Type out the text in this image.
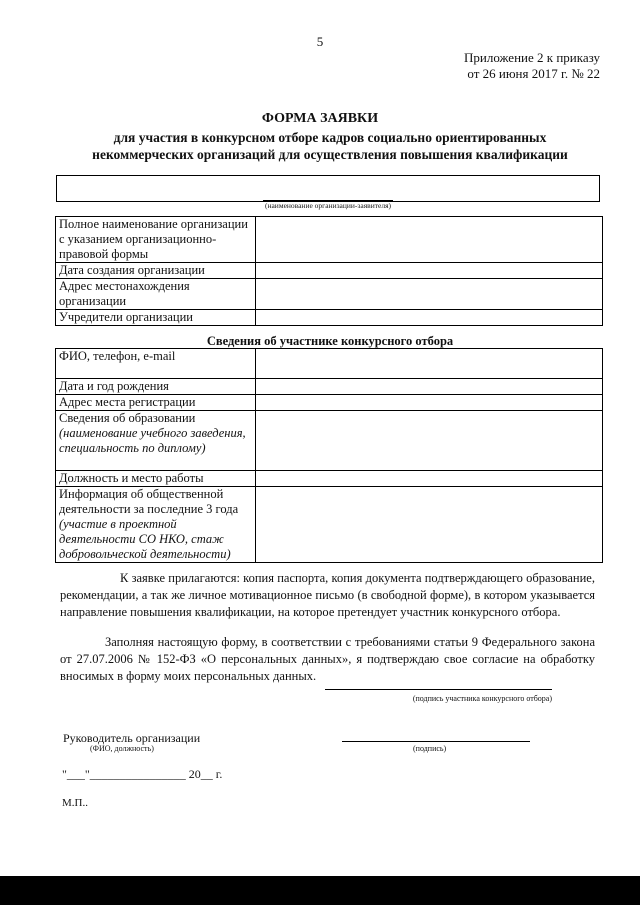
5
Приложение 2 к приказу
от 26 июня 2017 г. № 22
ФОРМА ЗАЯВКИ
для участия в конкурсном отборе кадров социально ориентированных
некоммерческих организаций для осуществления повышения квалификации
(наименование организации-заявителя)
Полное наименование организации с указанием организационно-правовой формы	
Дата создания организации	
Адрес местонахождения организации	
Учредители организации	
Сведения об участнике конкурсного отбора
ФИО, телефон, e-mail	
Дата и год рождения	
Адрес места регистрации	
Сведения об образовании
(наименование учебного заведения, специальность по диплому)	
Должность и место работы	
Информация об общественной деятельности за последние 3 года
(участие в проектной деятельности СО НКО, стаж добровольческой деятельности)	
К заявке прилагаются: копия паспорта, копия документа подтверждающего образование, рекомендации, а так же личное мотивационное письмо (в свободной форме), в котором указывается направление повышения квалификации, на которое претендует участник конкурсного отбора.
Заполняя настоящую форму, в соответствии с требованиями статьи 9 Федерального закона от 27.07.2006 № 152-ФЗ «О персональных данных», я подтверждаю свое согласие на обработку вносимых в форму моих персональных данных.
(подпись участника конкурсного отбора)
Руководитель организации
(ФИО, должность)	(подпись)
"___"________________ 20__ г.
М.П..
